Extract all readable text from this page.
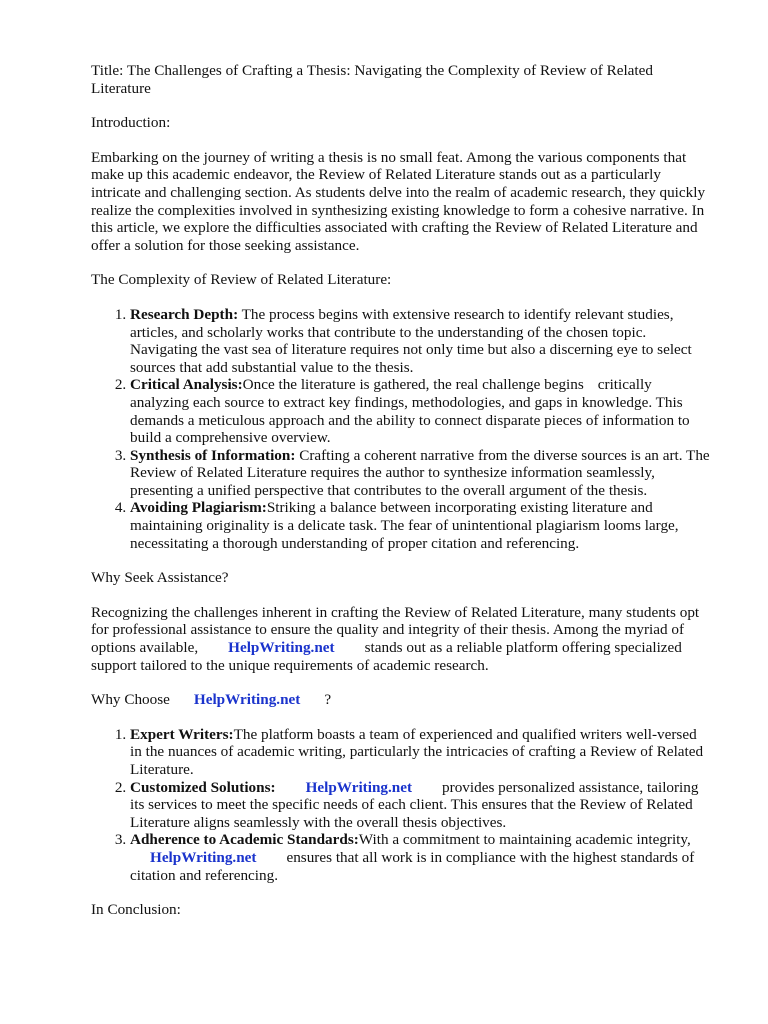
Title: The Challenges of Crafting a Thesis: Navigating the Complexity of Review of Related Literature

Introduction:

Embarking on the journey of writing a thesis is no small feat. Among the various components that make up this academic endeavor, the Review of Related Literature stands out as a particularly intricate and challenging section. As students delve into the realm of academic research, they quickly realize the complexities involved in synthesizing existing knowledge to form a cohesive narrative. In this article, we explore the difficulties associated with crafting the Review of Related Literature and offer a solution for those seeking assistance.

The Complexity of Review of Related Literature:

1. Research Depth: The process begins with extensive research to identify relevant studies, articles, and scholarly works that contribute to the understanding of the chosen topic. Navigating the vast sea of literature requires not only time but also a discerning eye to select sources that add substantial value to the thesis.
2. Critical Analysis:Once the literature is gathered, the real challenge begins critically analyzing each source to extract key findings, methodologies, and gaps in knowledge. This demands a meticulous approach and the ability to connect disparate pieces of information to build a comprehensive overview.
3. Synthesis of Information: Crafting a coherent narrative from the diverse sources is an art. The Review of Related Literature requires the author to synthesize information seamlessly, presenting a unified perspective that contributes to the overall argument of the thesis.
4. Avoiding Plagiarism:Striking a balance between incorporating existing literature and maintaining originality is a delicate task. The fear of unintentional plagiarism looms large, necessitating a thorough understanding of proper citation and referencing.

Why Seek Assistance?

Recognizing the challenges inherent in crafting the Review of Related Literature, many students opt for professional assistance to ensure the quality and integrity of their thesis. Among the myriad of options available, HelpWriting.net stands out as a reliable platform offering specialized support tailored to the unique requirements of academic research.

Why Choose HelpWriting.net ?

1. Expert Writers:The platform boasts a team of experienced and qualified writers well-versed in the nuances of academic writing, particularly the intricacies of crafting a Review of Related Literature.
2. Customized Solutions: HelpWriting.net provides personalized assistance, tailoring its services to meet the specific needs of each client. This ensures that the Review of Related Literature aligns seamlessly with the overall thesis objectives.
3. Adherence to Academic Standards:With a commitment to maintaining academic integrity, HelpWriting.net ensures that all work is in compliance with the highest standards of citation and referencing.

In Conclusion:
